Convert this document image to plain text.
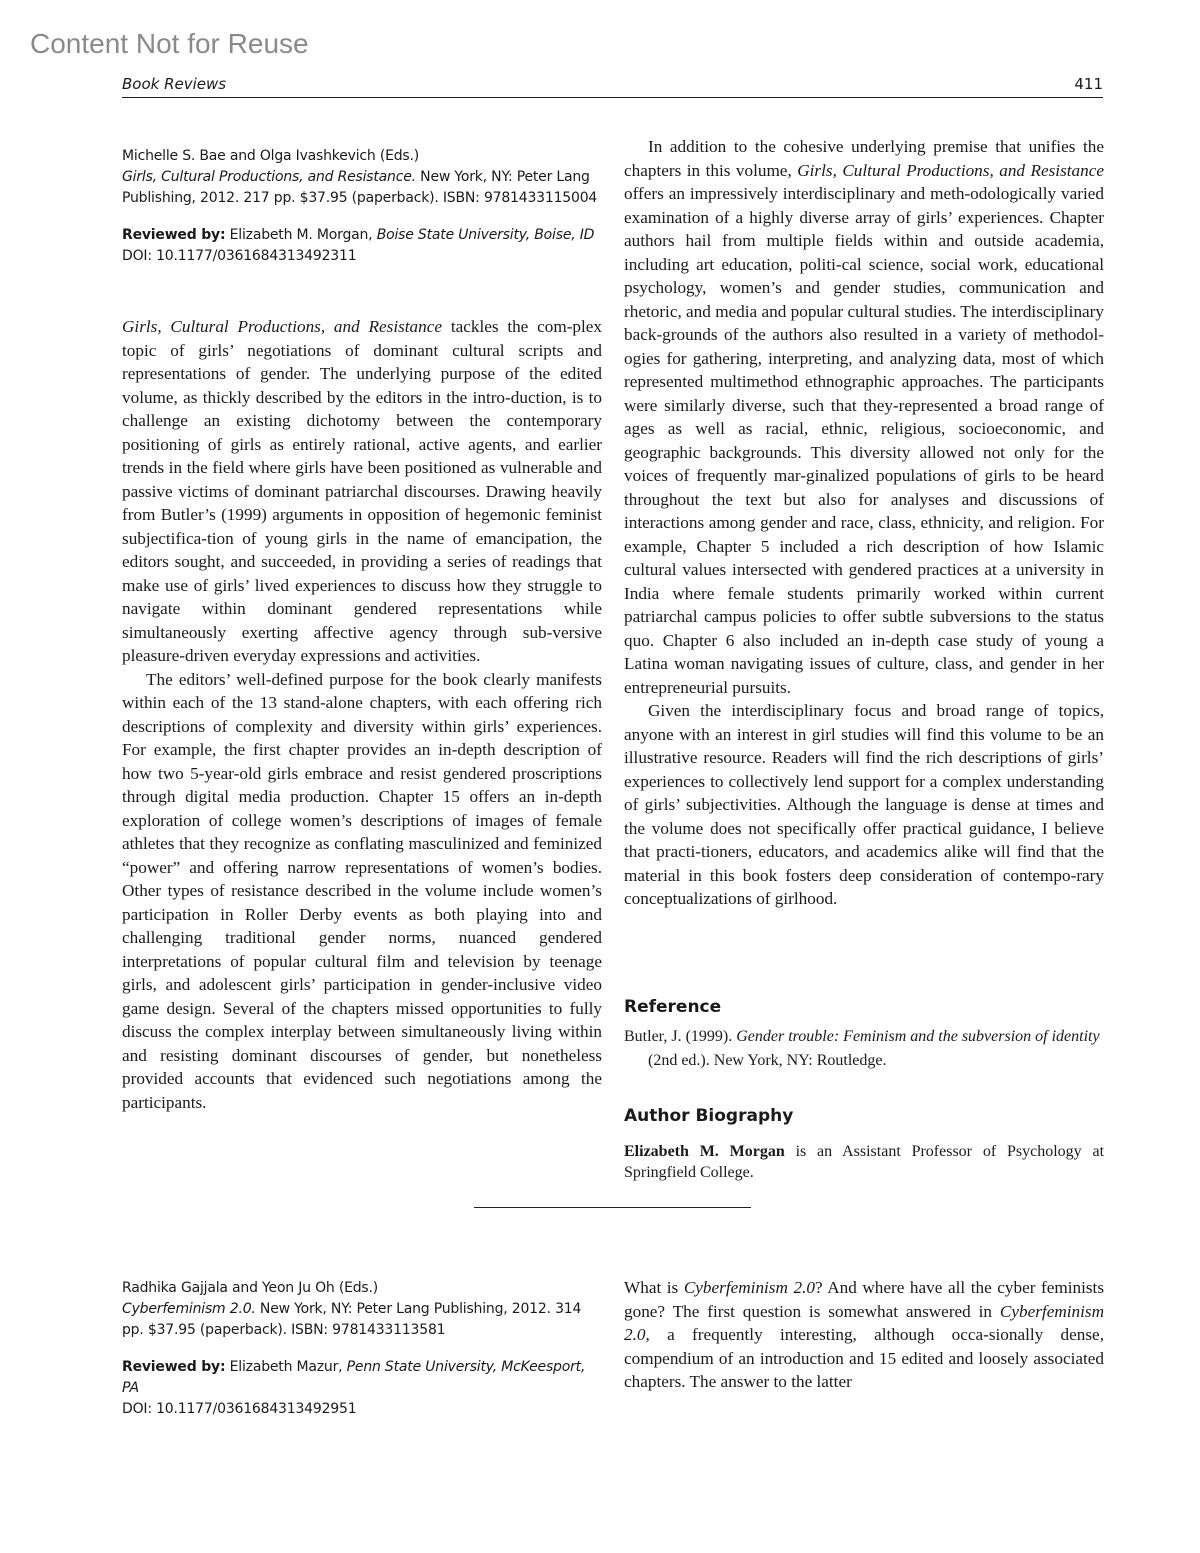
Content Not for Reuse
Book Reviews	411

Michelle S. Bae and Olga Ivashkevich (Eds.)

Girls, Cultural Productions, and Resistance. New York, NY: Peter Lang

Publishing, 2012. 217 pp. $37.95 (paperback). ISBN: 9781433115004

Reviewed by: Elizabeth M. Morgan, Boise State University, Boise, ID

DOI: 10.1177/0361684313492311

Girls, Cultural Productions, and Resistance tackles the com-plex topic of girls’ negotiations of dominant cultural scripts and representations of gender. The underlying purpose of the edited volume, as thickly described by the editors in the intro-duction, is to challenge an existing dichotomy between the contemporary positioning of girls as entirely rational, active agents, and earlier trends in the field where girls have been positioned as vulnerable and passive victims of dominant patriarchal discourses. Drawing heavily from Butler’s (1999) arguments in opposition of hegemonic feminist subjectifica-tion of young girls in the name of emancipation, the editors sought, and succeeded, in providing a series of readings that make use of girls’ lived experiences to discuss how they struggle to navigate within dominant gendered representations while simultaneously exerting affective agency through sub-versive pleasure-driven everyday expressions and activities.

The editors’ well-defined purpose for the book clearly manifests within each of the 13 stand-alone chapters, with each offering rich descriptions of complexity and diversity within girls’ experiences. For example, the first chapter provides an in-depth description of how two 5-year-old girls embrace and resist gendered proscriptions through digital media production. Chapter 15 offers an in-depth exploration of college women’s descriptions of images of female athletes that they recognize as conflating masculinized and feminized “power” and offering narrow representations of women’s bodies. Other types of resistance described in the volume include women’s participation in Roller Derby events as both playing into and challenging traditional gender norms, nuanced gendered interpretations of popular cultural film and television by teenage girls, and adolescent girls’ participation in gender-inclusive video game design. Several of the chapters missed opportunities to fully discuss the complex interplay between simultaneously living within and resisting dominant discourses of gender, but nonetheless provided accounts that evidenced such negotiations among the participants.

In addition to the cohesive underlying premise that unifies the chapters in this volume, Girls, Cultural Productions, and Resistance offers an impressively interdisciplinary and meth-odologically varied examination of a highly diverse array of girls’ experiences. Chapter authors hail from multiple fields within and outside academia, including art education, politi-cal science, social work, educational psychology, women’s and gender studies, communication and rhetoric, and media and popular cultural studies. The interdisciplinary back-grounds of the authors also resulted in a variety of methodol-ogies for gathering, interpreting, and analyzing data, most of which represented multimethod ethnographic approaches. The participants were similarly diverse, such that they-represented a broad range of ages as well as racial, ethnic, religious, socioeconomic, and geographic backgrounds. This diversity allowed not only for the voices of frequently mar-ginalized populations of girls to be heard throughout the text but also for analyses and discussions of interactions among gender and race, class, ethnicity, and religion. For example, Chapter 5 included a rich description of how Islamic cultural values intersected with gendered practices at a university in India where female students primarily worked within current patriarchal campus policies to offer subtle subversions to the status quo. Chapter 6 also included an in-depth case study of young a Latina woman navigating issues of culture, class, and gender in her entrepreneurial pursuits.

Given the interdisciplinary focus and broad range of topics, anyone with an interest in girl studies will find this volume to be an illustrative resource. Readers will find the rich descriptions of girls’ experiences to collectively lend support for a complex understanding of girls’ subjectivities. Although the language is dense at times and the volume does not specifically offer practical guidance, I believe that practi-tioners, educators, and academics alike will find that the material in this book fosters deep consideration of contempo-rary conceptualizations of girlhood.

Reference

Butler, J. (1999). Gender trouble: Feminism and the subversion of identity (2nd ed.). New York, NY: Routledge.

Author Biography

Elizabeth M. Morgan is an Assistant Professor of Psychology at Springfield College.

Radhika Gajjala and Yeon Ju Oh (Eds.)

Cyberfeminism 2.0. New York, NY: Peter Lang Publishing, 2012. 314

pp. $37.95 (paperback). ISBN: 9781433113581

Reviewed by: Elizabeth Mazur, Penn State University, McKeesport, PA

DOI: 10.1177/0361684313492951

What is Cyberfeminism 2.0? And where have all the cyber feminists gone? The first question is somewhat answered in Cyberfeminism 2.0, a frequently interesting, although occa-sionally dense, compendium of an introduction and 15 edited and loosely associated chapters. The answer to the latter
